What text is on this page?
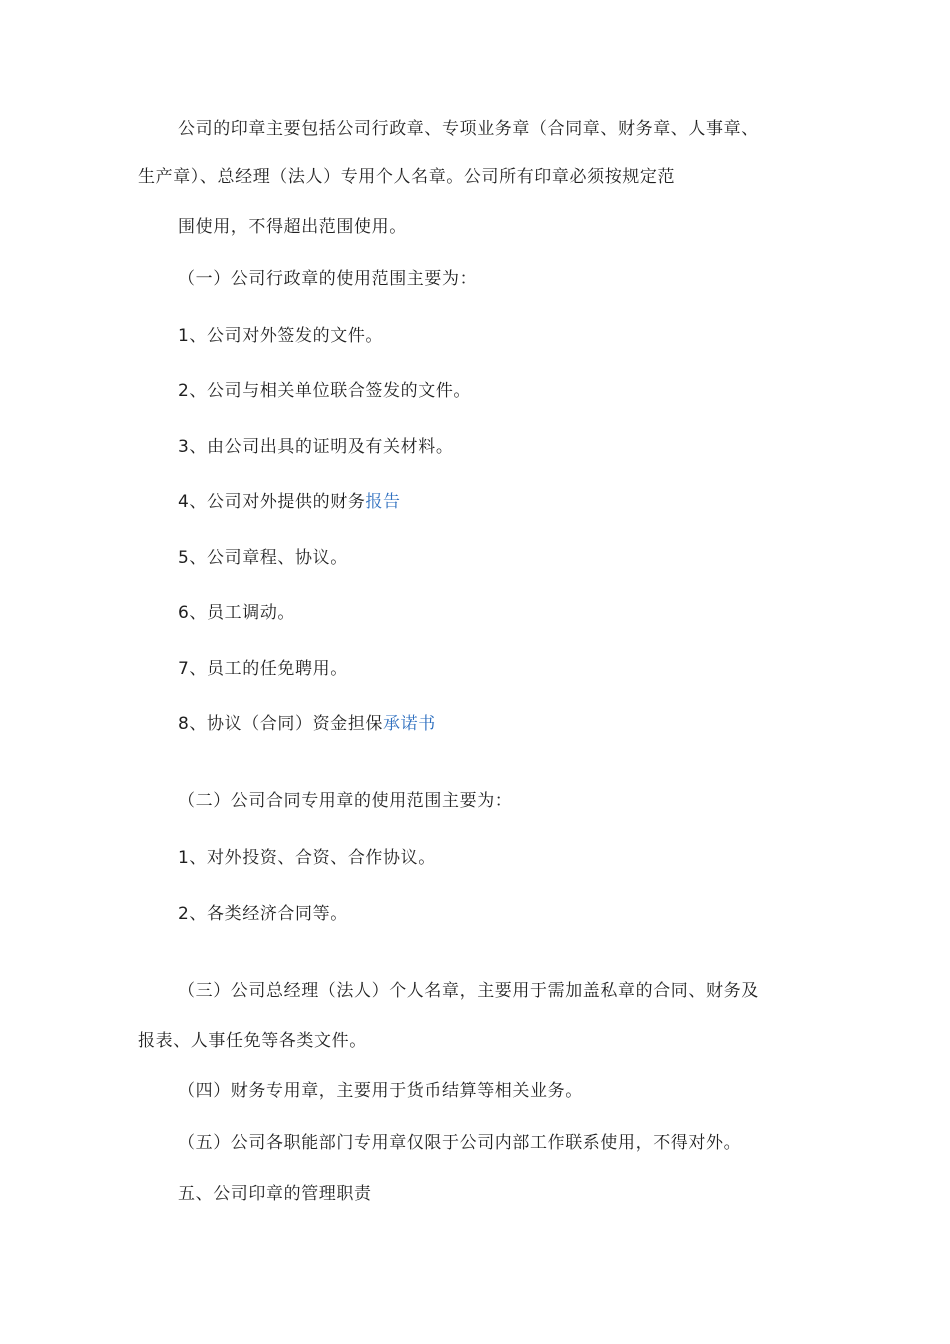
公司的印章主要包括公司行政章、专项业务章（合同章、财务章、人事章、
生产章）、总经理（法人）专用个人名章。公司所有印章必须按规定范
围使用，不得超出范围使用。
（一）公司行政章的使用范围主要为：
1、公司对外签发的文件。
2、公司与相关单位联合签发的文件。
3、由公司出具的证明及有关材料。
4、公司对外提供的财务报告
5、公司章程、协议。
6、员工调动。
7、员工的任免聘用。
8、协议（合同）资金担保承诺书
（二）公司合同专用章的使用范围主要为：
1、对外投资、合资、合作协议。
2、各类经济合同等。
（三）公司总经理（法人）个人名章，主要用于需加盖私章的合同、财务及
报表、人事任免等各类文件。
（四）财务专用章，主要用于货币结算等相关业务。
（五）公司各职能部门专用章仅限于公司内部工作联系使用，不得对外。
五、公司印章的管理职责
